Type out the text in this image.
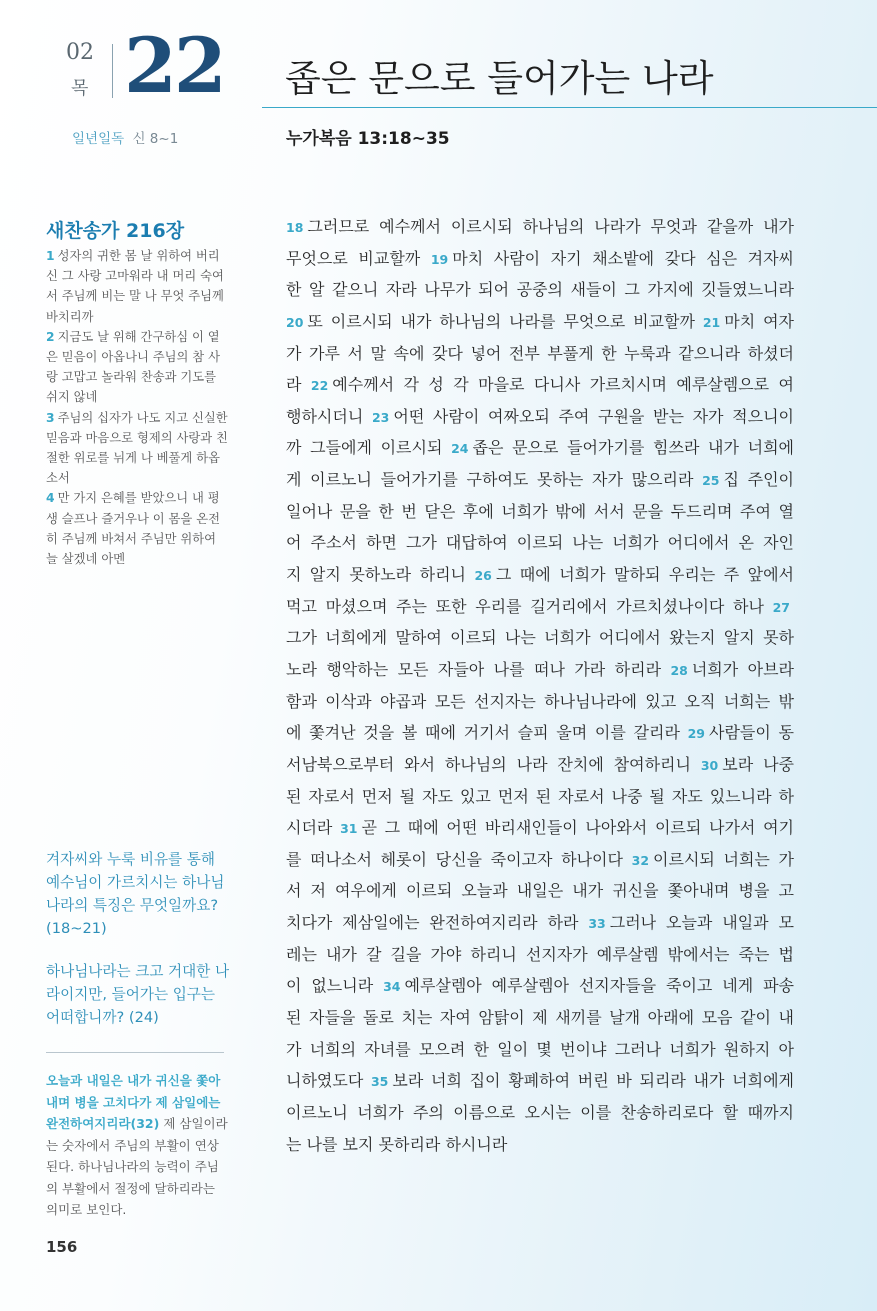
02
목 22 좁은 문으로 들어가는 나라
일년일독 신 8~1	누가복음 13:18~35
새찬송가 216장

1 성자의 귀한 몸 날 위하여 버리신 그 사랑 고마워라 내 머리 숙여서 주님께 비는 말 나 무엇 주님께 바치리까

2 지금도 날 위해 간구하심 이 옅은 믿음이 아옵나니 주님의 참 사랑 고맙고 놀라워 찬송과 기도를 쉬지 않네

3 주님의 십자가 나도 지고 신실한 믿음과 마음으로 형제의 사랑과 친절한 위로를 뉘게 나 베풀게 하옵소서

4 만 가지 은혜를 받았으니 내 평생 슬프나 즐거우나 이 몸을 온전히 주님께 바쳐서 주님만 위하여 늘 살겠네 아멘

겨자씨와 누룩 비유를 통해 예수님이 가르치시는 하나님나라의 특징은 무엇일까요? (18~21)
하나님나라는 크고 거대한 나라이지만, 들어가는 입구는 어떠합니까? (24)
오늘과 내일은 내가 귀신을 쫓아내며 병을 고치다가 제 삼일에는 완전하여지리라(32) 제 삼일이라는 숫자에서 주님의 부활이 연상된다. 하나님나라의 능력이 주님의 부활에서 절정에 달하리라는 의미로 보인다.
156
18 그러므로 예수께서 이르시되 하나님의 나라가 무엇과 같을까 내가
무엇으로 비교할까 19 마치 사람이 자기 채소밭에 갖다 심은 겨자씨
한 알 같으니 자라 나무가 되어 공중의 새들이 그 가지에 깃들였느니라
20 또 이르시되 내가 하나님의 나라를 무엇으로 비교할까 21 마치 여자
가 가루 서 말 속에 갖다 넣어 전부 부풀게 한 누룩과 같으니라 하셨더
라 22 예수께서 각 성 각 마을로 다니사 가르치시며 예루살렘으로 여
행하시더니 23 어떤 사람이 여짜오되 주여 구원을 받는 자가 적으니이
까 그들에게 이르시되 24 좁은 문으로 들어가기를 힘쓰라 내가 너희에
게 이르노니 들어가기를 구하여도 못하는 자가 많으리라 25 집 주인이
일어나 문을 한 번 닫은 후에 너희가 밖에 서서 문을 두드리며 주여 열
어 주소서 하면 그가 대답하여 이르되 나는 너희가 어디에서 온 자인
지 알지 못하노라 하리니 26 그 때에 너희가 말하되 우리는 주 앞에서
먹고 마셨으며 주는 또한 우리를 길거리에서 가르치셨나이다 하나 27
그가 너희에게 말하여 이르되 나는 너희가 어디에서 왔는지 알지 못하
노라 행악하는 모든 자들아 나를 떠나 가라 하리라 28 너희가 아브라
함과 이삭과 야곱과 모든 선지자는 하나님나라에 있고 오직 너희는 밖
에 쫓겨난 것을 볼 때에 거기서 슬피 울며 이를 갈리라 29 사람들이 동
서남북으로부터 와서 하나님의 나라 잔치에 참여하리니 30 보라 나중
된 자로서 먼저 될 자도 있고 먼저 된 자로서 나중 될 자도 있느니라 하
시더라 31 곧 그 때에 어떤 바리새인들이 나아와서 이르되 나가서 여기
를 떠나소서 헤롯이 당신을 죽이고자 하나이다 32 이르시되 너희는 가
서 저 여우에게 이르되 오늘과 내일은 내가 귀신을 쫓아내며 병을 고
치다가 제삼일에는 완전하여지리라 하라 33 그러나 오늘과 내일과 모
레는 내가 갈 길을 가야 하리니 선지자가 예루살렘 밖에서는 죽는 법
이 없느니라 34 예루살렘아 예루살렘아 선지자들을 죽이고 네게 파송
된 자들을 돌로 치는 자여 암탉이 제 새끼를 날개 아래에 모음 같이 내
가 너희의 자녀를 모으려 한 일이 몇 번이냐 그러나 너희가 원하지 아
니하였도다 35 보라 너희 집이 황폐하여 버린 바 되리라 내가 너희에게
이르노니 너희가 주의 이름으로 오시는 이를 찬송하리로다 할 때까지
는 나를 보지 못하리라 하시니라
